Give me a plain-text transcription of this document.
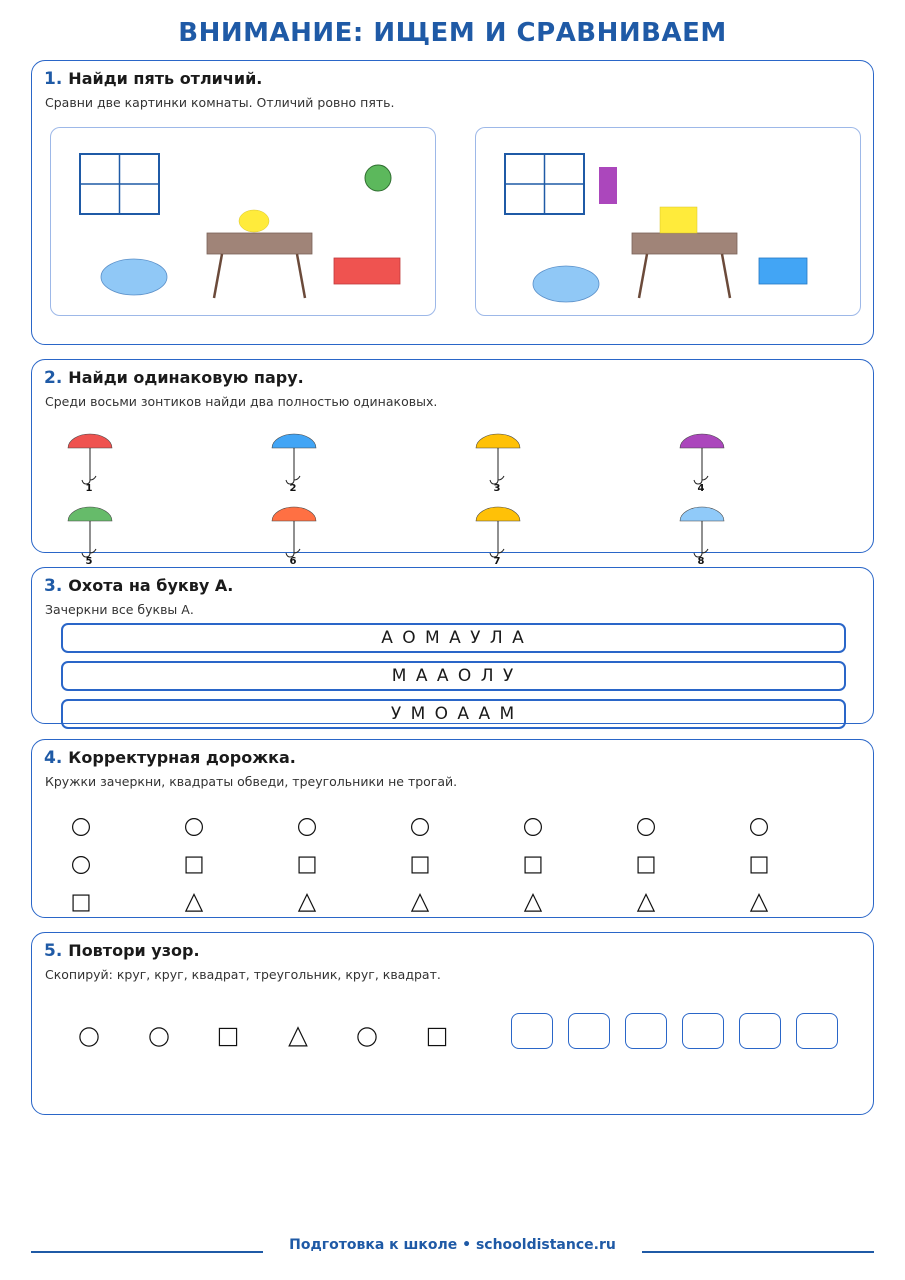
ВНИМАНИЕ: ИЩЕМ И СРАВНИВАЕМ
1. Найди пять отличий.
Сравни две картинки комнаты. Отличий ровно пять.
2. Найди одинаковую пару.
Среди восьми зонтиков найди два полностью одинаковых.
1	2	3	4
5	6	7	8
3. Охота на букву А.
Зачеркни все буквы А.
А О М А У Л А
М А А О Л У
У М О А А М
4. Корректурная дорожка.
Кружки зачеркни, квадраты обведи, треугольники не трогай.
5. Повтори узор.
Скопируй: круг, круг, квадрат, треугольник, круг, квадрат.
Подготовка к школе • schooldistance.ru
